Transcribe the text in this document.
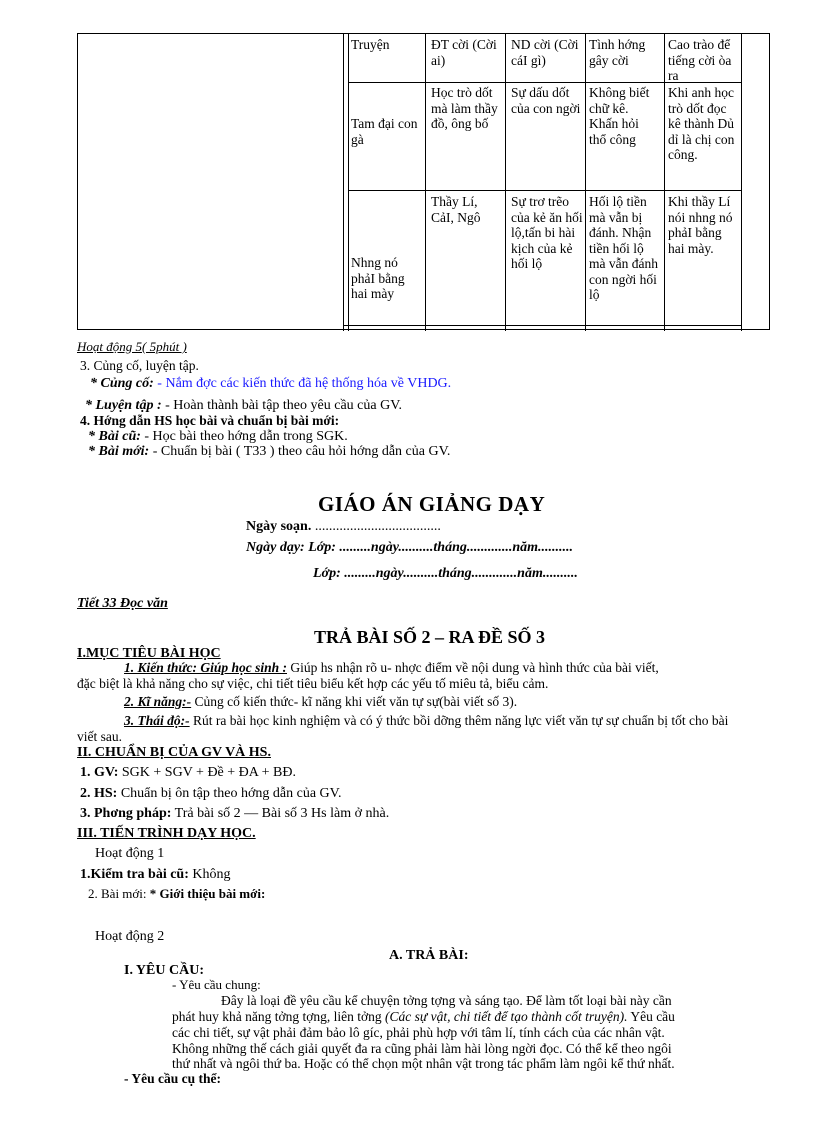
Truyện	ĐT cời (Cời ai)
ND cời (Cời cáI gì)
Tình hớng gây cời
Cao trào để tiếng cời òa ra
Tam đại con gà
Học trò dốt mà làm thầy đồ, ông bố
Sự dấu dốt của con ngời
Không biết chữ kê. Khấn hỏi thổ công
Khi anh học trò dốt đọc kê thành Dủ dỉ là chị con công.
Nhng nó phảI bằng hai mày
Thầy Lí, CảI, Ngô
Sự trơ trẽo của kẻ ăn hối lộ,tấn bi hài kịch của kẻ hối lộ
Hối lộ tiền mà vẫn bị đánh. Nhận tiền hối lộ mà vẫn đánh con ngời hối lộ
Khi thầy Lí nói nhng nó phảI bằng hai mày.
Hoạt động 5( 5phút )
3. Củng cố, luyện tập.
* Củng cố: - Nắm đợc các kiến thức đã hệ thống hóa về VHDG.
* Luyện tập : - Hoàn thành bài tập theo yêu cầu của GV.
4. Hớng dẫn HS học bài và chuẩn bị bài mới:
* Bài cũ: - Học bài theo hớng dẫn trong SGK.
* Bài mới: - Chuẩn bị bài ( T33 ) theo câu hỏi hớng dẫn của GV.
GIÁO ÁN GIẢNG DẠY
Ngày soạn. ....................................
Ngày dạy: Lớp: .........ngày..........tháng.............năm..........
Lớp: .........ngày..........tháng.............năm..........
Tiết 33 Đọc văn
TRẢ BÀI SỐ 2 – RA ĐỀ SỐ 3
I.MỤC TIÊU BÀI HỌC
1. Kiến thức: Giúp học sinh : Giúp hs nhận rõ u- nhợc điểm về nội dung và hình thức của bài viết,
đặc biệt là khả năng cho sự việc, chi tiết tiêu biểu kết hợp các yếu tố miêu tả, biểu cảm.
2. Kĩ năng:- Củng cố kiến thức- kĩ năng khi viết văn tự sự(bài viết số 3).
3. Thái độ:- Rút ra bài học kinh nghiệm và có ý thức bồi dỡng thêm năng lực viết văn tự sự chuẩn bị tốt cho bài
viết sau.
II. CHUẨN BỊ CỦA GV VÀ HS.
1. GV: SGK + SGV + Đề + ĐA + BĐ.
2. HS: Chuẩn bị ôn tập theo hớng dẫn của GV.
3. Phơng pháp: Trả bài số 2 — Bài số 3 Hs làm ở nhà.
III. TIẾN TRÌNH DẠY HỌC.
Hoạt động 1
1.Kiểm tra bài cũ: Không
2. Bài mới: * Giới thiệu bài mới:
Hoạt động 2
A. TRẢ BÀI:
I. YÊU CẦU:
- Yêu cầu chung:
Đây là loại đề yêu cầu kể chuyện tởng tợng và sáng tạo. Để làm tốt loại bài này cần
phát huy khả năng tởng tợng, liên tởng (Các sự vật, chi tiết để tạo thành cốt truyện). Yêu cầu
các chi tiết, sự vật phải đảm bảo lô gíc, phải phù hợp với tâm lí, tính cách của các nhân vật.
Không những thế cách giải quyết đa ra cũng phải làm hài lòng ngời đọc. Có thể kể theo ngôi
thứ nhất và ngôi thứ ba. Hoặc có thể chọn một nhân vật trong tác phẩm làm ngôi kể thứ nhất.
- Yêu cầu cụ thể:
